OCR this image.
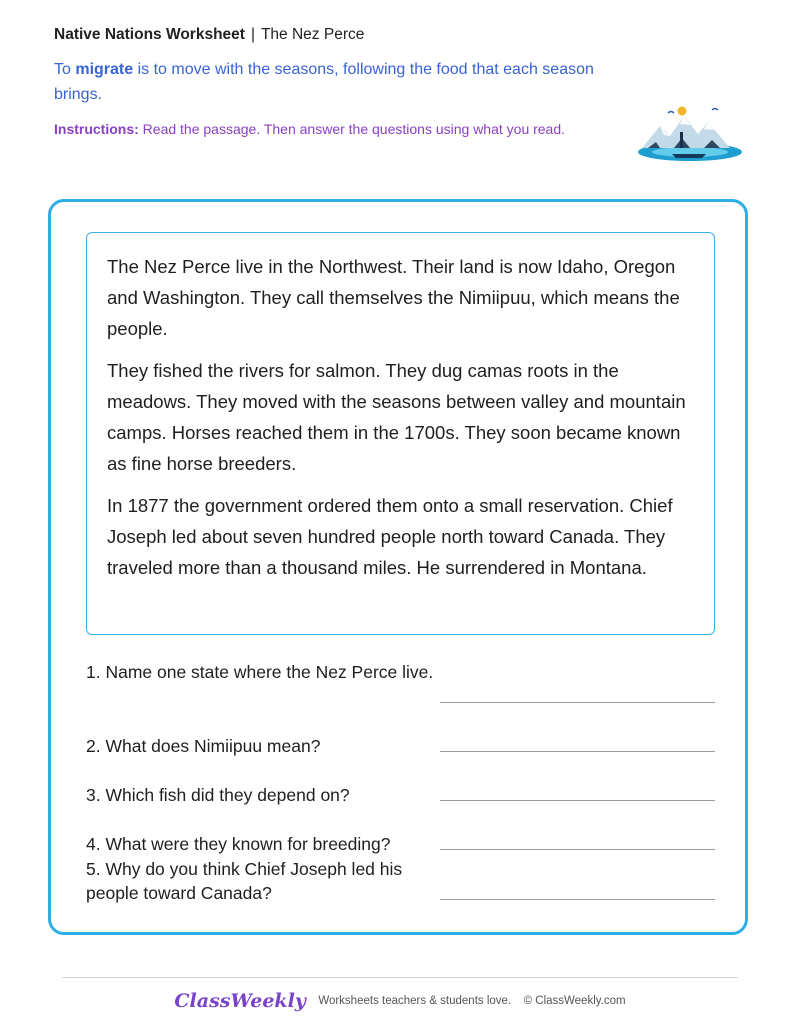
Native Nations Worksheet | The Nez Perce
To migrate is to move with the seasons, following the food that each season brings.
Instructions: Read the passage. Then answer the questions using what you read.

The Nez Perce live in the Northwest. Their land is now Idaho, Oregon and Washington. They call themselves the Nimiipuu, which means the people.

They fished the rivers for salmon. They dug camas roots in the meadows. They moved with the seasons between valley and mountain camps. Horses reached them in the 1700s. They soon became known as fine horse breeders.

In 1877 the government ordered them onto a small reservation. Chief Joseph led about seven hundred people north toward Canada. They traveled more than a thousand miles. He surrendered in Montana.

1. Name one state where the Nez Perce live.
2. What does Nimiipuu mean?
3. Which fish did they depend on?
4. What were they known for breeding?
5. Why do you think Chief Joseph led his people toward Canada?
ClassWeekly Worksheets teachers & students love. © ClassWeekly.com
